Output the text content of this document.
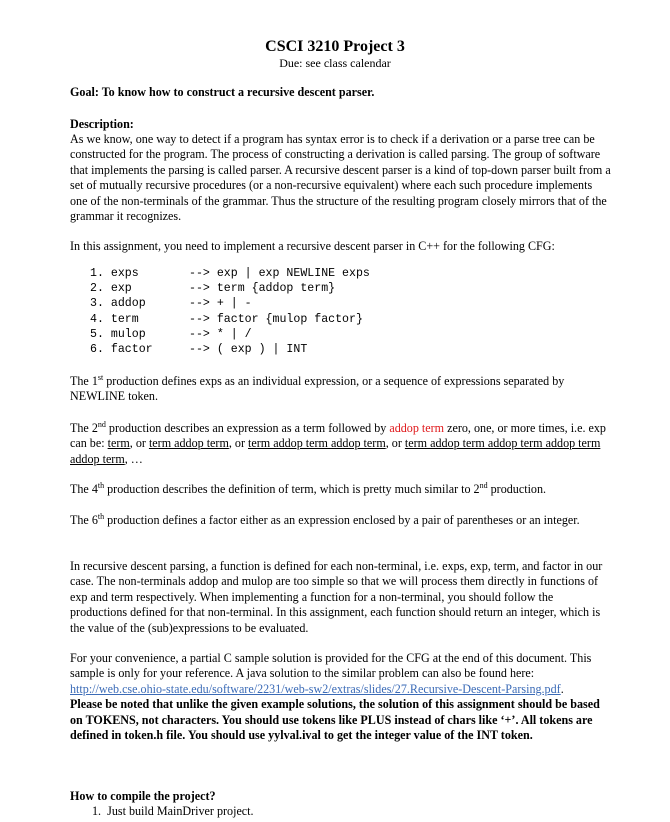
CSCI 3210 Project 3
Due: see class calendar
Goal: To know how to construct a recursive descent parser.
Description:
As we know, one way to detect if a program has syntax error is to check if a derivation or a parse tree can be constructed for the program. The process of constructing a derivation is called parsing. The group of software that implements the parsing is called parser. A recursive descent parser is a kind of top-down parser built from a set of mutually recursive procedures (or a non-recursive equivalent) where each such procedure implements one of the non-terminals of the grammar. Thus the structure of the resulting program closely mirrors that of the grammar it recognizes.
In this assignment, you need to implement a recursive descent parser in C++ for the following CFG:
1. exps	--> exp | exp NEWLINE exps
2. exp	--> term {addop term}
3. addop	--> + | -
4. term	--> factor {mulop factor}
5. mulop	--> * | /
6. factor	--> ( exp ) | INT
The 1st production defines exps as an individual expression, or a sequence of expressions separated by NEWLINE token.
The 2nd production describes an expression as a term followed by addop term zero, one, or more times, i.e. exp can be: term, or term addop term, or term addop term addop term, or term addop term addop term addop term addop term, …
The 4th production describes the definition of term, which is pretty much similar to 2nd production.
The 6th production defines a factor either as an expression enclosed by a pair of parentheses or an integer.
In recursive descent parsing, a function is defined for each non-terminal, i.e. exps, exp, term, and factor in our case. The non-terminals addop and mulop are too simple so that we will process them directly in functions of exp and term respectively. When implementing a function for a non-terminal, you should follow the productions defined for that non-terminal. In this assignment, each function should return an integer, which is the value of the (sub)expressions to be evaluated.
For your convenience, a partial C sample solution is provided for the CFG at the end of this document. This sample is only for your reference. A java solution to the similar problem can also be found here:
http://web.cse.ohio-state.edu/software/2231/web-sw2/extras/slides/27.Recursive-Descent-Parsing.pdf.
Please be noted that unlike the given example solutions, the solution of this assignment should be based on TOKENS, not characters. You should use tokens like PLUS instead of chars like ‘+’. All tokens are defined in token.h file. You should use yylval.ival to get the integer value of the INT token.
How to compile the project?
1.  Just build MainDriver project.
